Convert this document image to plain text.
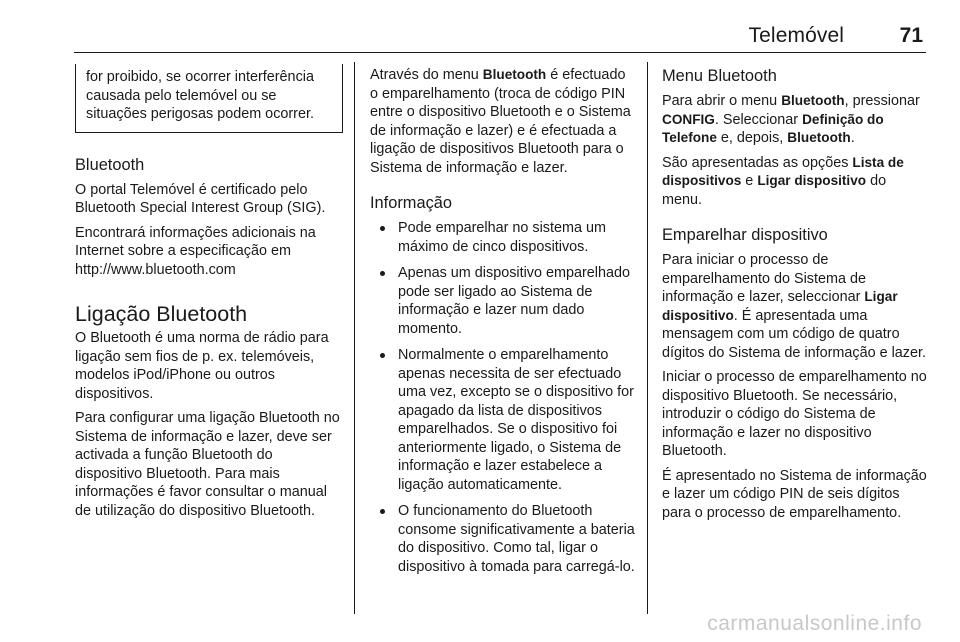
Telemóvel	71
for proibido, se ocorrer interferência causada pelo telemóvel ou se situações perigosas podem ocorrer.
Bluetooth

O portal Telemóvel é certificado pelo Bluetooth Special Interest Group (SIG).

Encontrará informações adicionais na Internet sobre a especificação em http://www.bluetooth.com

Ligação Bluetooth

O Bluetooth é uma norma de rádio para ligação sem fios de p. ex. telemóveis, modelos iPod/iPhone ou outros dispositivos.

Para configurar uma ligação Bluetooth no Sistema de informação e lazer, deve ser activada a função Bluetooth do dispositivo Bluetooth. Para mais informações é favor consultar o manual de utilização do dispositivo Bluetooth.

Através do menu Bluetooth é efectuado o emparelhamento (troca de código PIN entre o dispositivo Bluetooth e o Sistema de informação e lazer) e é efectuada a ligação de dispositivos Bluetooth para o Sistema de informação e lazer.

Informação
Pode emparelhar no sistema um máximo de cinco dispositivos.
Apenas um dispositivo emparelhado pode ser ligado ao Sistema de informação e lazer num dado momento.
Normalmente o emparelhamento apenas necessita de ser efectuado uma vez, excepto se o dispositivo for apagado da lista de dispositivos emparelhados. Se o dispositivo foi anteriormente ligado, o Sistema de informação e lazer estabelece a ligação automaticamente.
O funcionamento do Bluetooth consome significativamente a bateria do dispositivo. Como tal, ligar o dispositivo à tomada para carregá-lo.
Menu Bluetooth

Para abrir o menu Bluetooth, pressionar CONFIG. Seleccionar Definição do Telefone e, depois, Bluetooth.

São apresentadas as opções Lista de dispositivos e Ligar dispositivo do menu.

Emparelhar dispositivo

Para iniciar o processo de emparelhamento do Sistema de informação e lazer, seleccionar Ligar dispositivo. É apresentada uma mensagem com um código de quatro dígitos do Sistema de informação e lazer.

Iniciar o processo de emparelhamento no dispositivo Bluetooth. Se necessário, introduzir o código do Sistema de informação e lazer no dispositivo Bluetooth.

É apresentado no Sistema de informação e lazer um código PIN de seis dígitos para o processo de emparelhamento.

carmanualsonline.info
